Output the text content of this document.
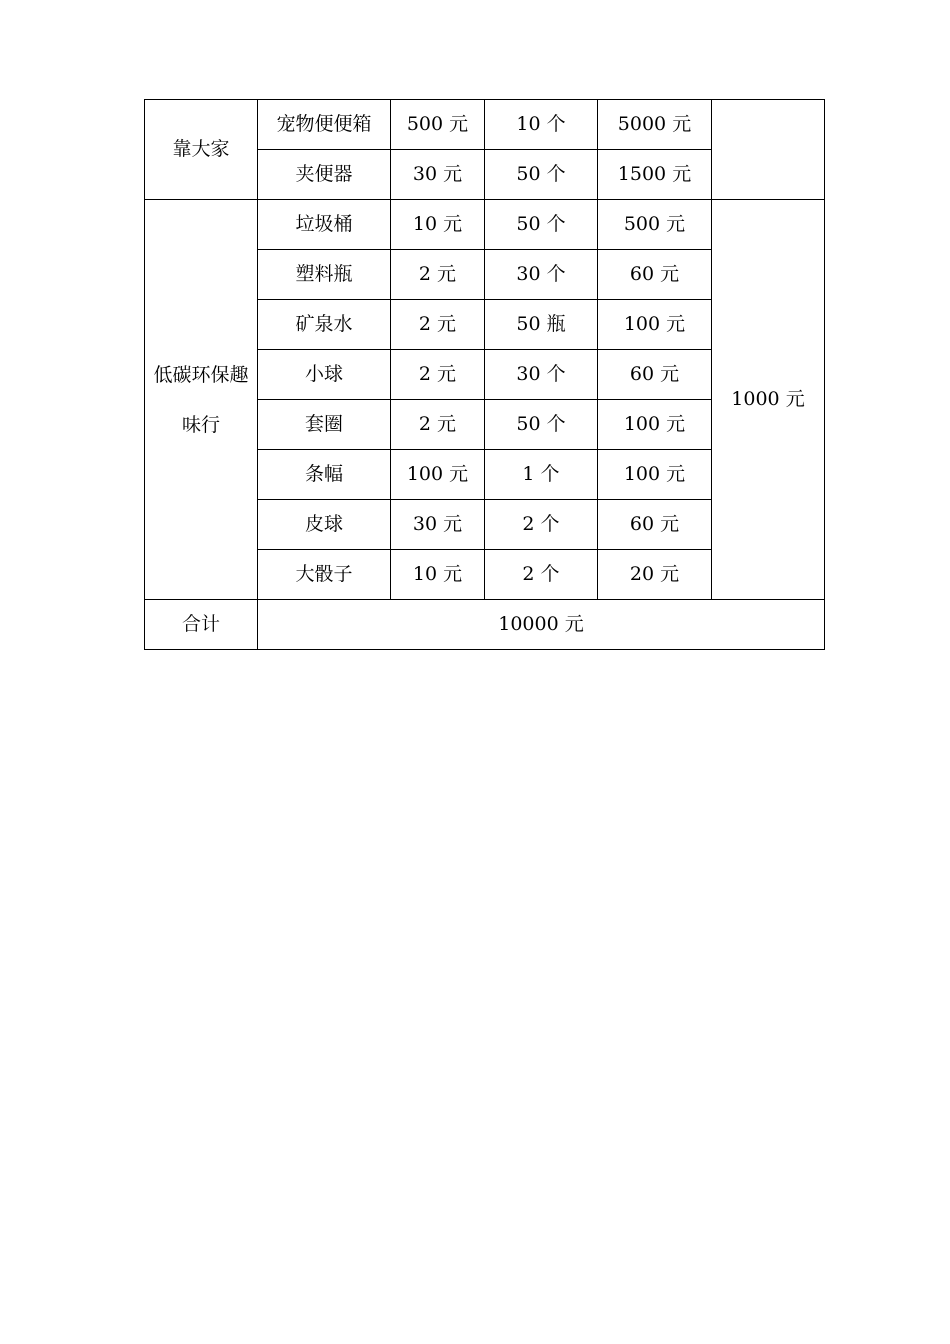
靠大家	宠物便便箱	500 元	10 个	5000 元	
	夹便器	30 元	50 个	1500 元	
低碳环保趣味行	垃圾桶	10 元	50 个	500 元	1000 元
	塑料瓶	2 元	30 个	60 元	
	矿泉水	2 元	50 瓶	100 元	
	小球	2 元	30 个	60 元	
	套圈	2 元	50 个	100 元	
	条幅	100 元	1 个	100 元	
	皮球	30 元	2 个	60 元	
	大骰子	10 元	2 个	20 元	
合计	10000 元				
